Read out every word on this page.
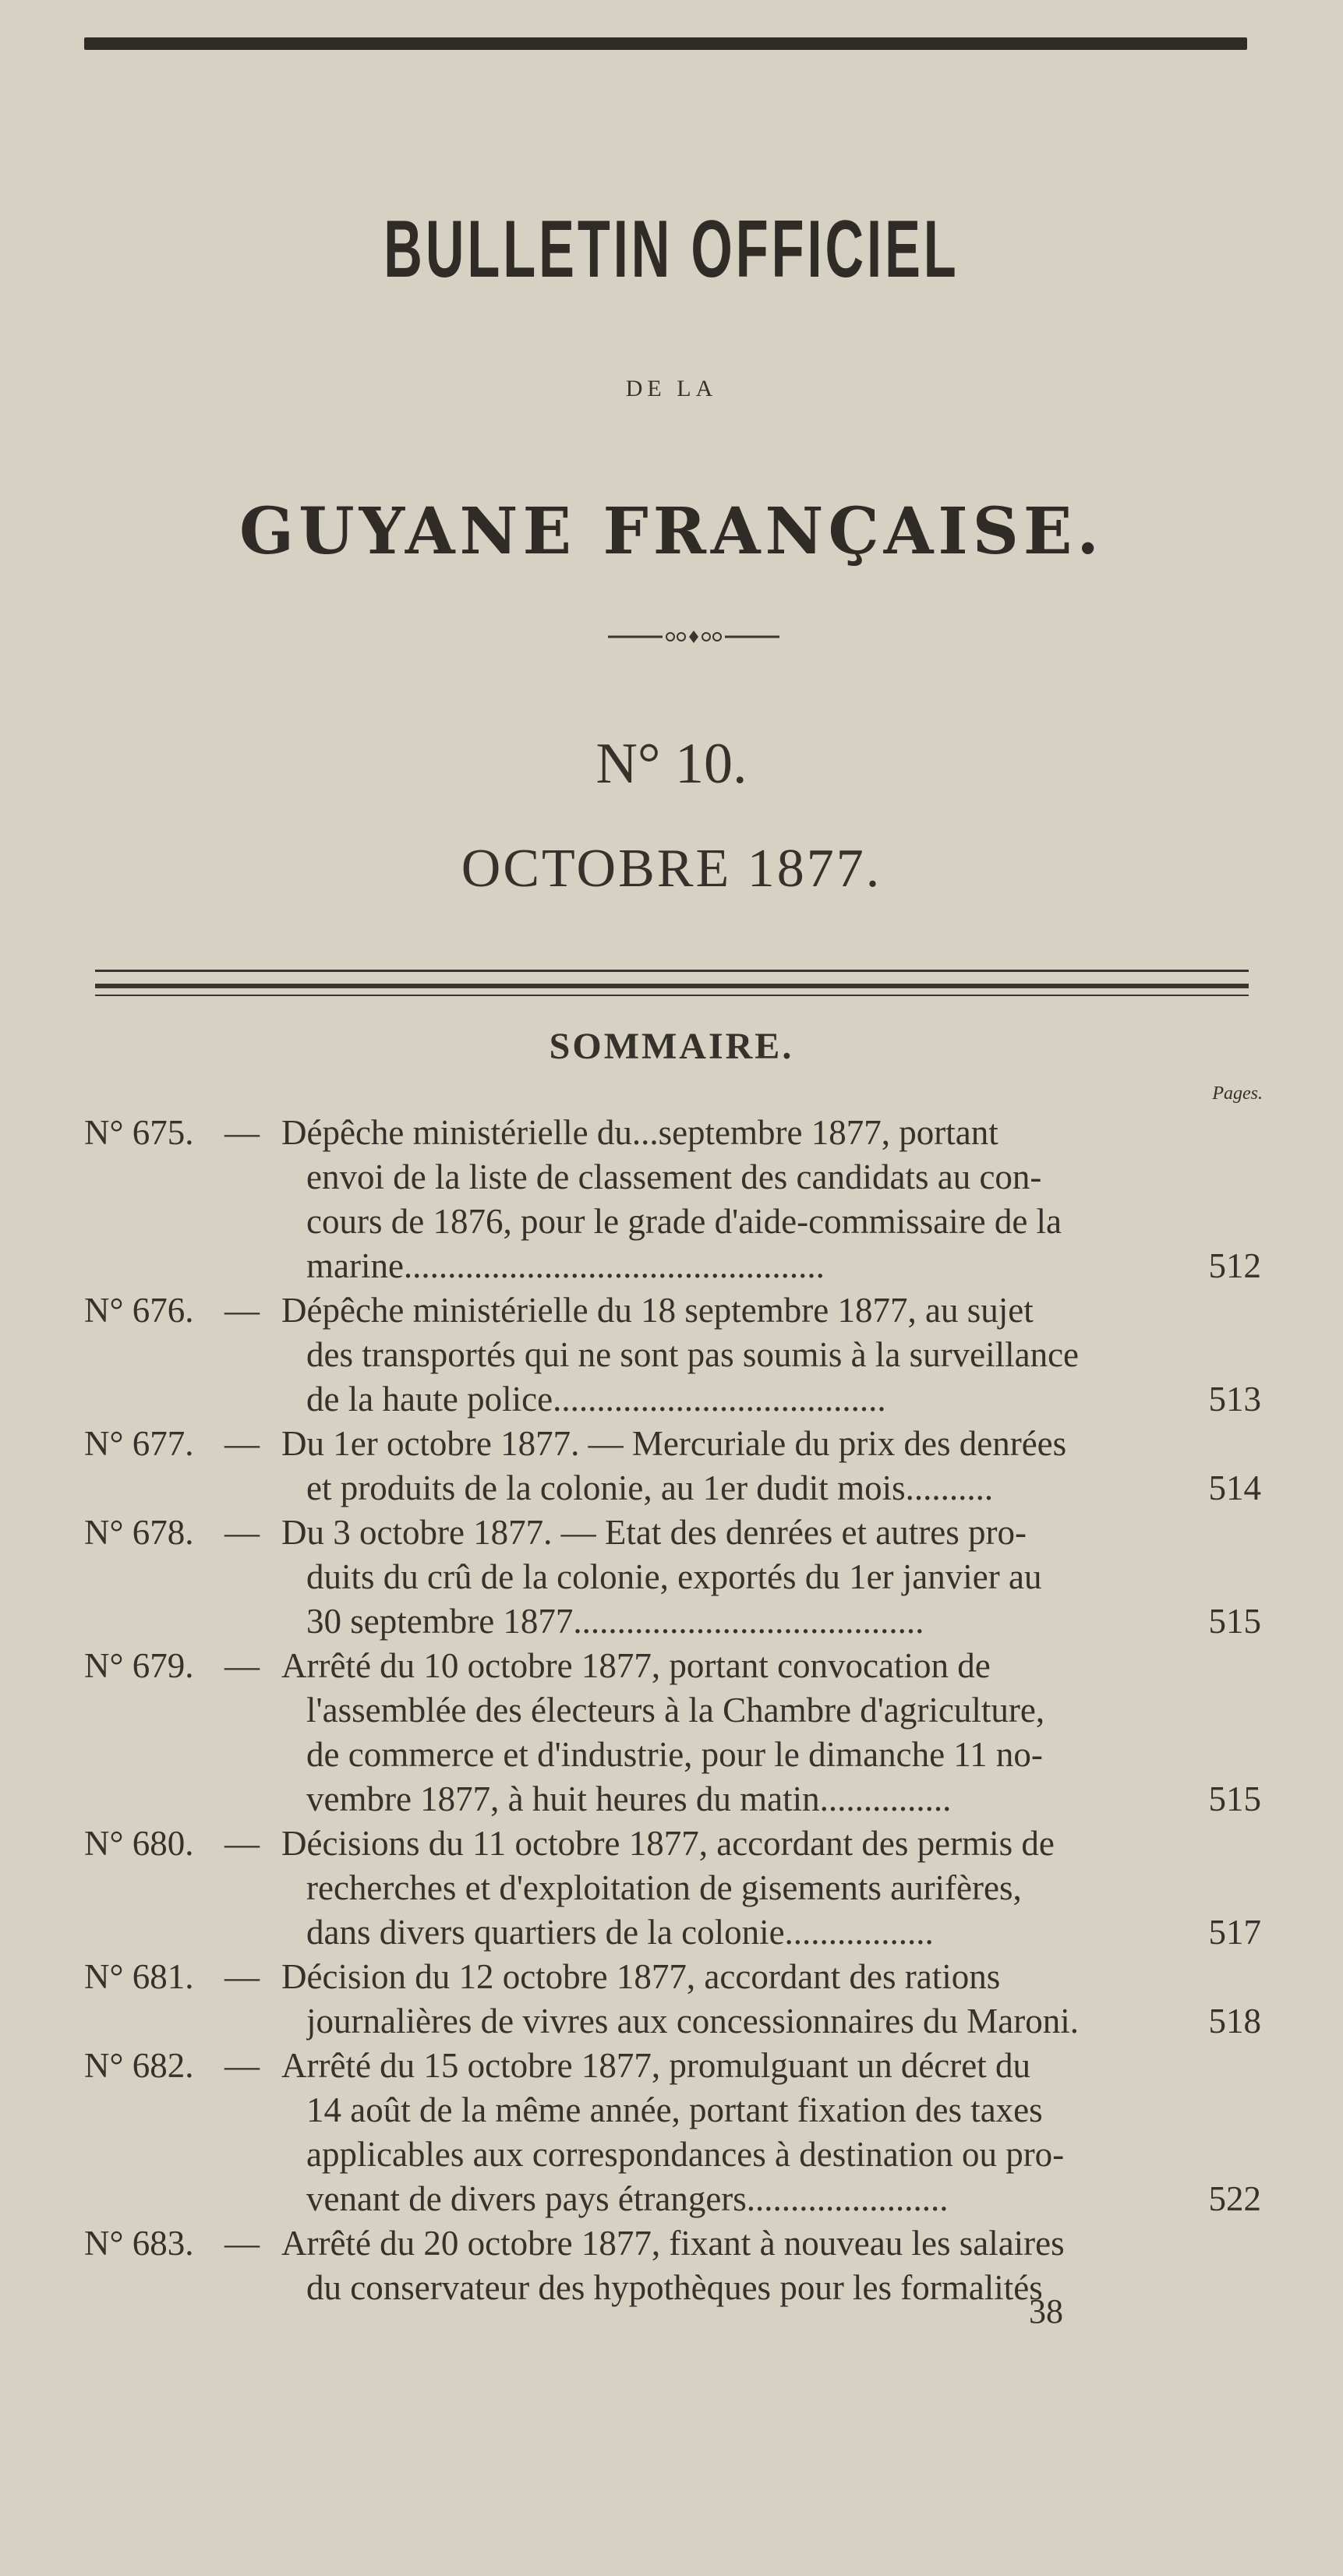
BULLETIN OFFICIEL
DE LA
GUYANE FRANÇAISE.
N° 10.
OCTOBRE 1877.
SOMMAIRE.
Pages.
N° 675. — Dépêche ministérielle du...septembre 1877, portant
envoi de la liste de classement des candidats au con-
cours de 1876, pour le grade d'aide-commissaire de la
marine................................................	512
N° 676. — Dépêche ministérielle du 18 septembre 1877, au sujet
des transportés qui ne sont pas soumis à la surveillance
de la haute police......................................	513
N° 677. — Du 1er octobre 1877. — Mercuriale du prix des denrées
et produits de la colonie, au 1er dudit mois..........	514
N° 678. — Du 3 octobre 1877. — Etat des denrées et autres pro-
duits du crû de la colonie, exportés du 1er janvier au
30 septembre 1877........................................	515
N° 679. — Arrêté du 10 octobre 1877, portant convocation de
l'assemblée des électeurs à la Chambre d'agriculture,
de commerce et d'industrie, pour le dimanche 11 no-
vembre 1877, à huit heures du matin...............	515
N° 680. — Décisions du 11 octobre 1877, accordant des permis de
recherches et d'exploitation de gisements aurifères,
dans divers quartiers de la colonie.................	517
N° 681. — Décision du 12 octobre 1877, accordant des rations
journalières de vivres aux concessionnaires du Maroni.	518
N° 682. — Arrêté du 15 octobre 1877, promulguant un décret du
14 août de la même année, portant fixation des taxes
applicables aux correspondances à destination ou pro-
venant de divers pays étrangers.......................	522
N° 683. — Arrêté du 20 octobre 1877, fixant à nouveau les salaires
du conservateur des hypothèques pour les formalités
38
